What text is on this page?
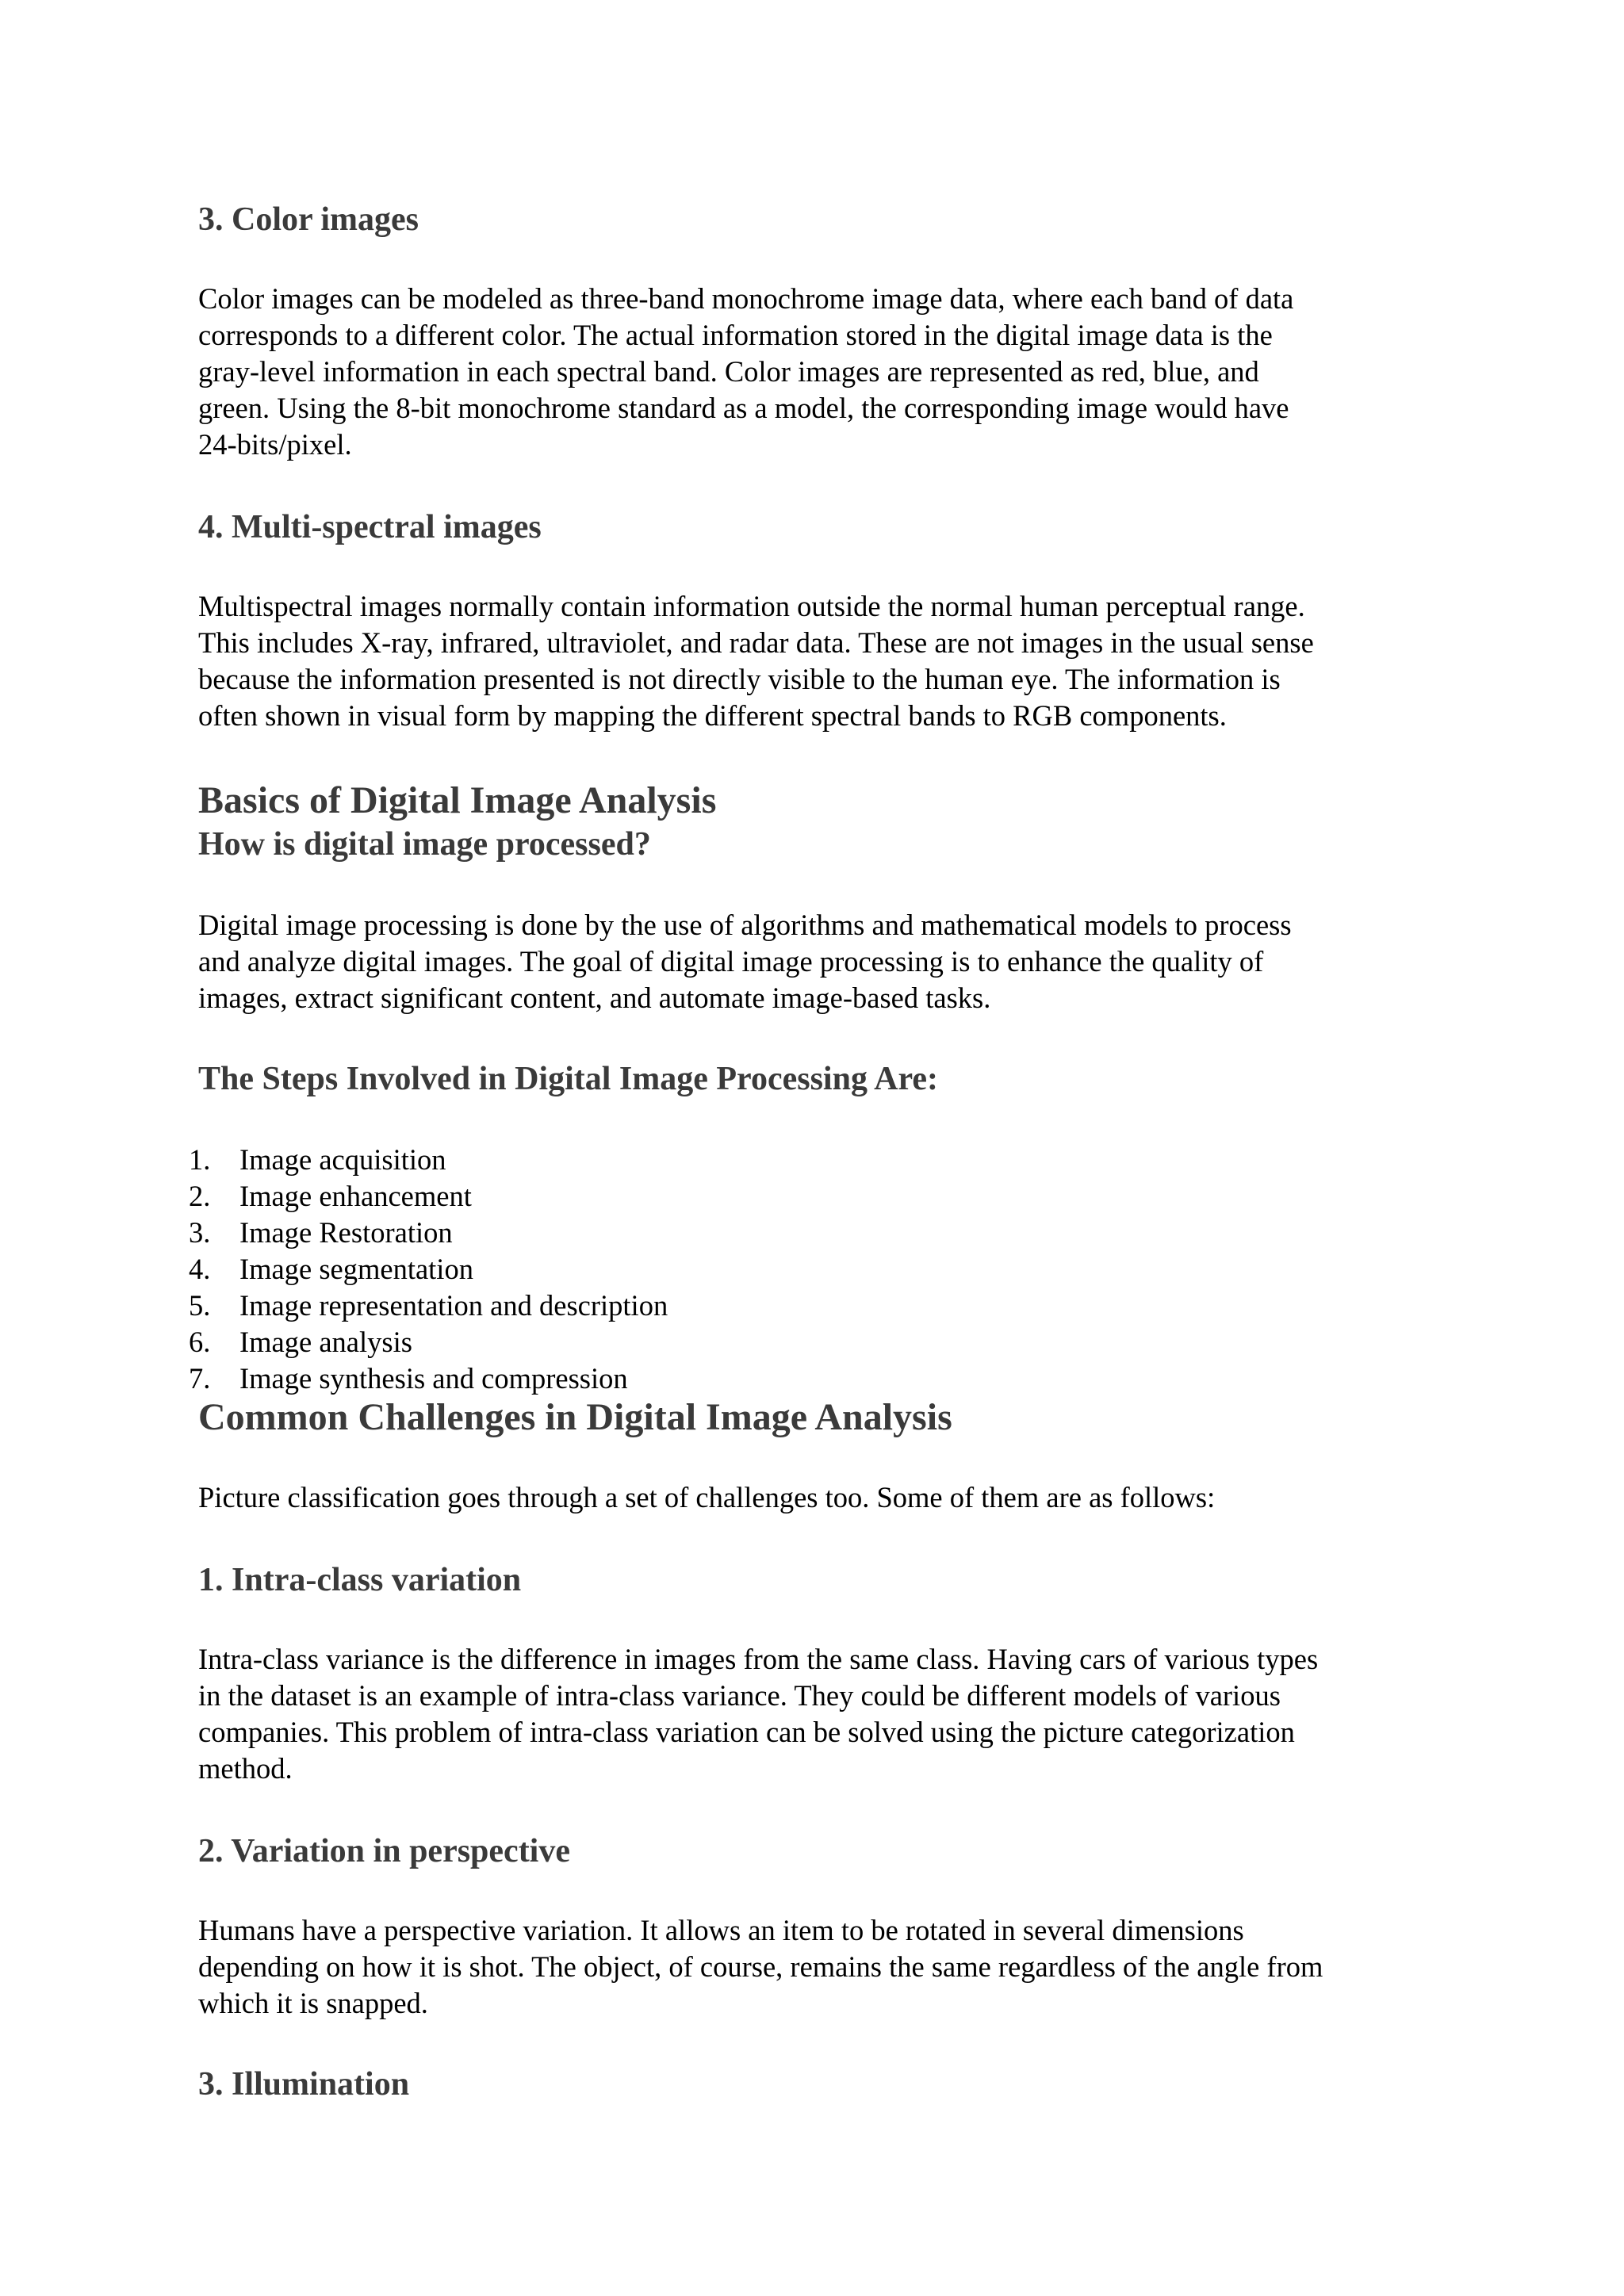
3. Color images

Color images can be modeled as three-band monochrome image data, where each band of data
corresponds to a different color. The actual information stored in the digital image data is the
gray-level information in each spectral band. Color images are represented as red, blue, and
green. Using the 8-bit monochrome standard as a model, the corresponding image would have
24-bits/pixel.

4. Multi-spectral images

Multispectral images normally contain information outside the normal human perceptual range.
This includes X-ray, infrared, ultraviolet, and radar data. These are not images in the usual sense
because the information presented is not directly visible to the human eye. The information is
often shown in visual form by mapping the different spectral bands to RGB components.

Basics of Digital Image Analysis
How is digital image processed?

Digital image processing is done by the use of algorithms and mathematical models to process
and analyze digital images. The goal of digital image processing is to enhance the quality of
images, extract significant content, and automate image-based tasks.

The Steps Involved in Digital Image Processing Are:
1.	Image acquisition
2.	Image enhancement
3.	Image Restoration
4.	Image segmentation
5.	Image representation and description
6.	Image analysis
7.	Image synthesis and compression
Common Challenges in Digital Image Analysis

Picture classification goes through a set of challenges too. Some of them are as follows:

1. Intra-class variation

Intra-class variance is the difference in images from the same class. Having cars of various types
in the dataset is an example of intra-class variance. They could be different models of various
companies. This problem of intra-class variation can be solved using the picture categorization
method.

2. Variation in perspective

Humans have a perspective variation. It allows an item to be rotated in several dimensions
depending on how it is shot. The object, of course, remains the same regardless of the angle from
which it is snapped.

3. Illumination
